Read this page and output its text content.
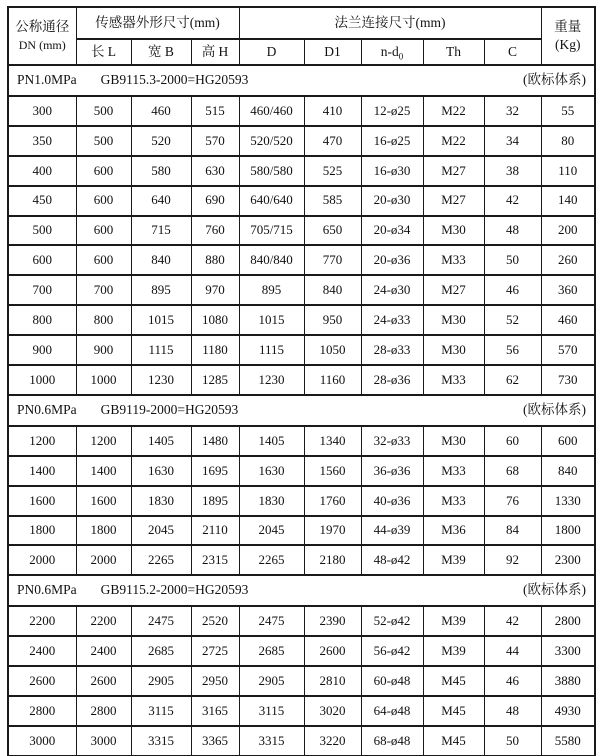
公称通径
DN (mm)	传感器外形尺寸(mm)			法兰连接尺寸(mm)					重量
(Kg)
	长 L	宽 B	高 H	D	D1	$n-d_0$	Th	C	

PN1.0MPa GB9115.3-2000=HG20593 (欧标体系)									

300	500	460	515	460/460	410	12-ø25	M22	32	55
350	500	520	570	520/520	470	16-ø25	M22	34	80
400	600	580	630	580/580	525	16-ø30	M27	38	110
450	600	640	690	640/640	585	20-ø30	M27	42	140
500	600	715	760	705/715	650	20-ø34	M30	48	200
600	600	840	880	840/840	770	20-ø36	M33	50	260
700	700	895	970	895	840	24-ø30	M27	46	360
800	800	1015	1080	1015	950	24-ø33	M30	52	460
900	900	1115	1180	1115	1050	28-ø33	M30	56	570
1000	1000	1230	1285	1230	1160	28-ø36	M33	62	730

PN0.6MPa GB9119-2000=HG20593 (欧标体系)									

1200	1200	1405	1480	1405	1340	32-ø33	M30	60	600
1400	1400	1630	1695	1630	1560	36-ø36	M33	68	840
1600	1600	1830	1895	1830	1760	40-ø36	M33	76	1330
1800	1800	2045	2110	2045	1970	44-ø39	M36	84	1800
2000	2000	2265	2315	2265	2180	48-ø42	M39	92	2300

PN0.6MPa GB9115.2-2000=HG20593 (欧标体系)									

2200	2200	2475	2520	2475	2390	52-ø42	M39	42	2800
2400	2400	2685	2725	2685	2600	56-ø42	M39	44	3300
2600	2600	2905	2950	2905	2810	60-ø48	M45	46	3880
2800	2800	3115	3165	3115	3020	64-ø48	M45	48	4930
3000	3000	3315	3365	3315	3220	68-ø48	M45	50	5580
